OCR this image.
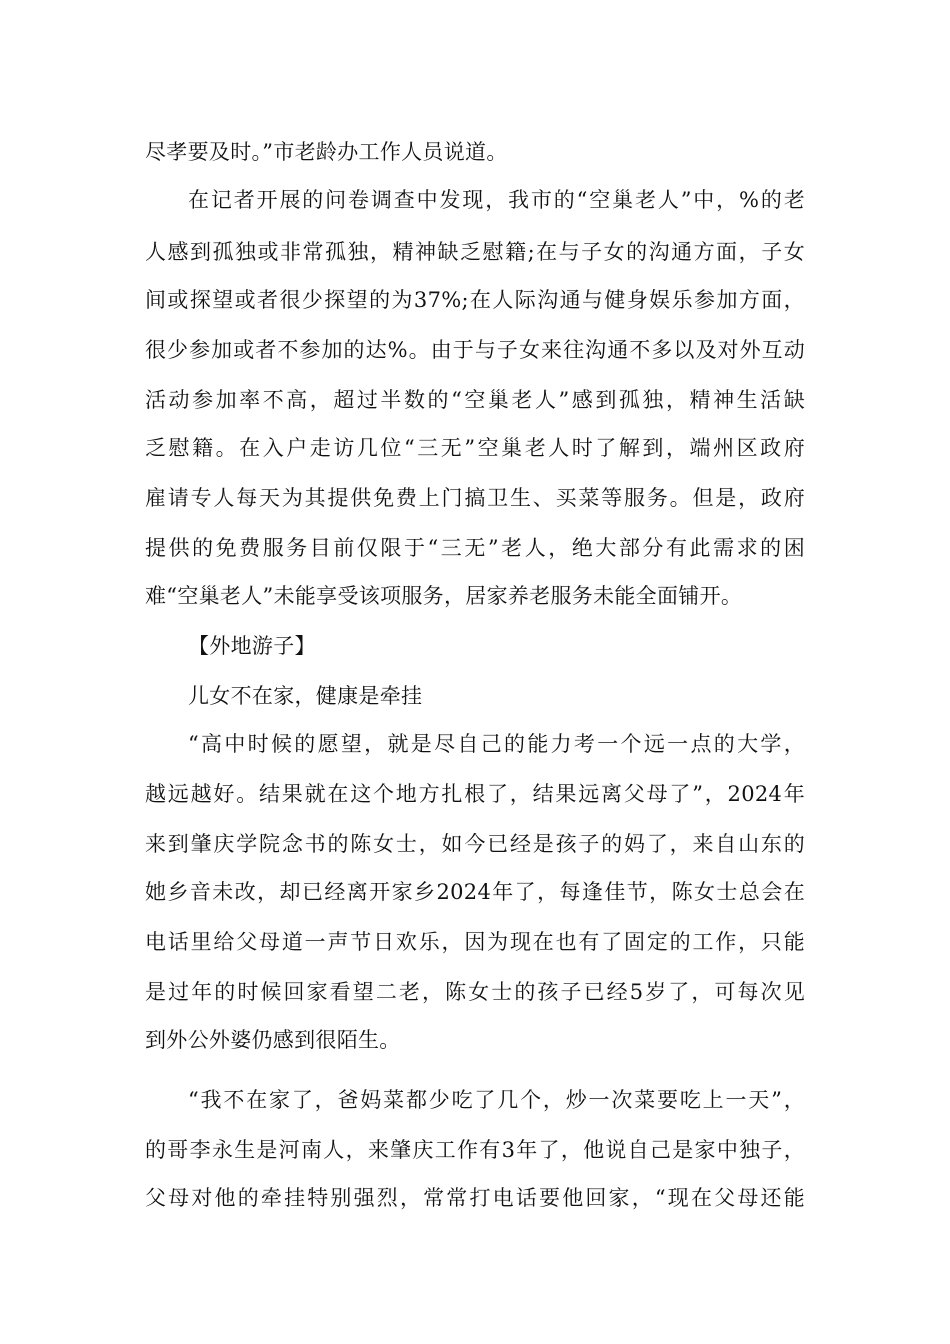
尽孝要及时。”市老龄办工作人员说道。
在记者开展的问卷调查中发现，我市的“空巢老人”中，%的老
人感到孤独或非常孤独，精神缺乏慰籍;在与子女的沟通方面，子女
间或探望或者很少探望的为37%;在人际沟通与健身娱乐参加方面，
很少参加或者不参加的达%。由于与子女来往沟通不多以及对外互动
活动参加率不高，超过半数的“空巢老人”感到孤独，精神生活缺
乏慰籍。在入户走访几位“三无”空巢老人时了解到，端州区政府
雇请专人每天为其提供免费上门搞卫生、买菜等服务。但是，政府
提供的免费服务目前仅限于“三无”老人，绝大部分有此需求的困
难“空巢老人”未能享受该项服务，居家养老服务未能全面铺开。
【外地游子】
儿女不在家，健康是牵挂
“高中时候的愿望，就是尽自己的能力考一个远一点的大学，
越远越好。结果就在这个地方扎根了，结果远离父母了”，2024年
来到肇庆学院念书的陈女士，如今已经是孩子的妈了，来自山东的
她乡音未改，却已经离开家乡2024年了，每逢佳节，陈女士总会在
电话里给父母道一声节日欢乐，因为现在也有了固定的工作，只能
是过年的时候回家看望二老，陈女士的孩子已经5岁了，可每次见
到外公外婆仍感到很陌生。
“我不在家了，爸妈菜都少吃了几个，炒一次菜要吃上一天”，
的哥李永生是河南人，来肇庆工作有3年了，他说自己是家中独子，
父母对他的牵挂特别强烈，常常打电话要他回家，“现在父母还能
